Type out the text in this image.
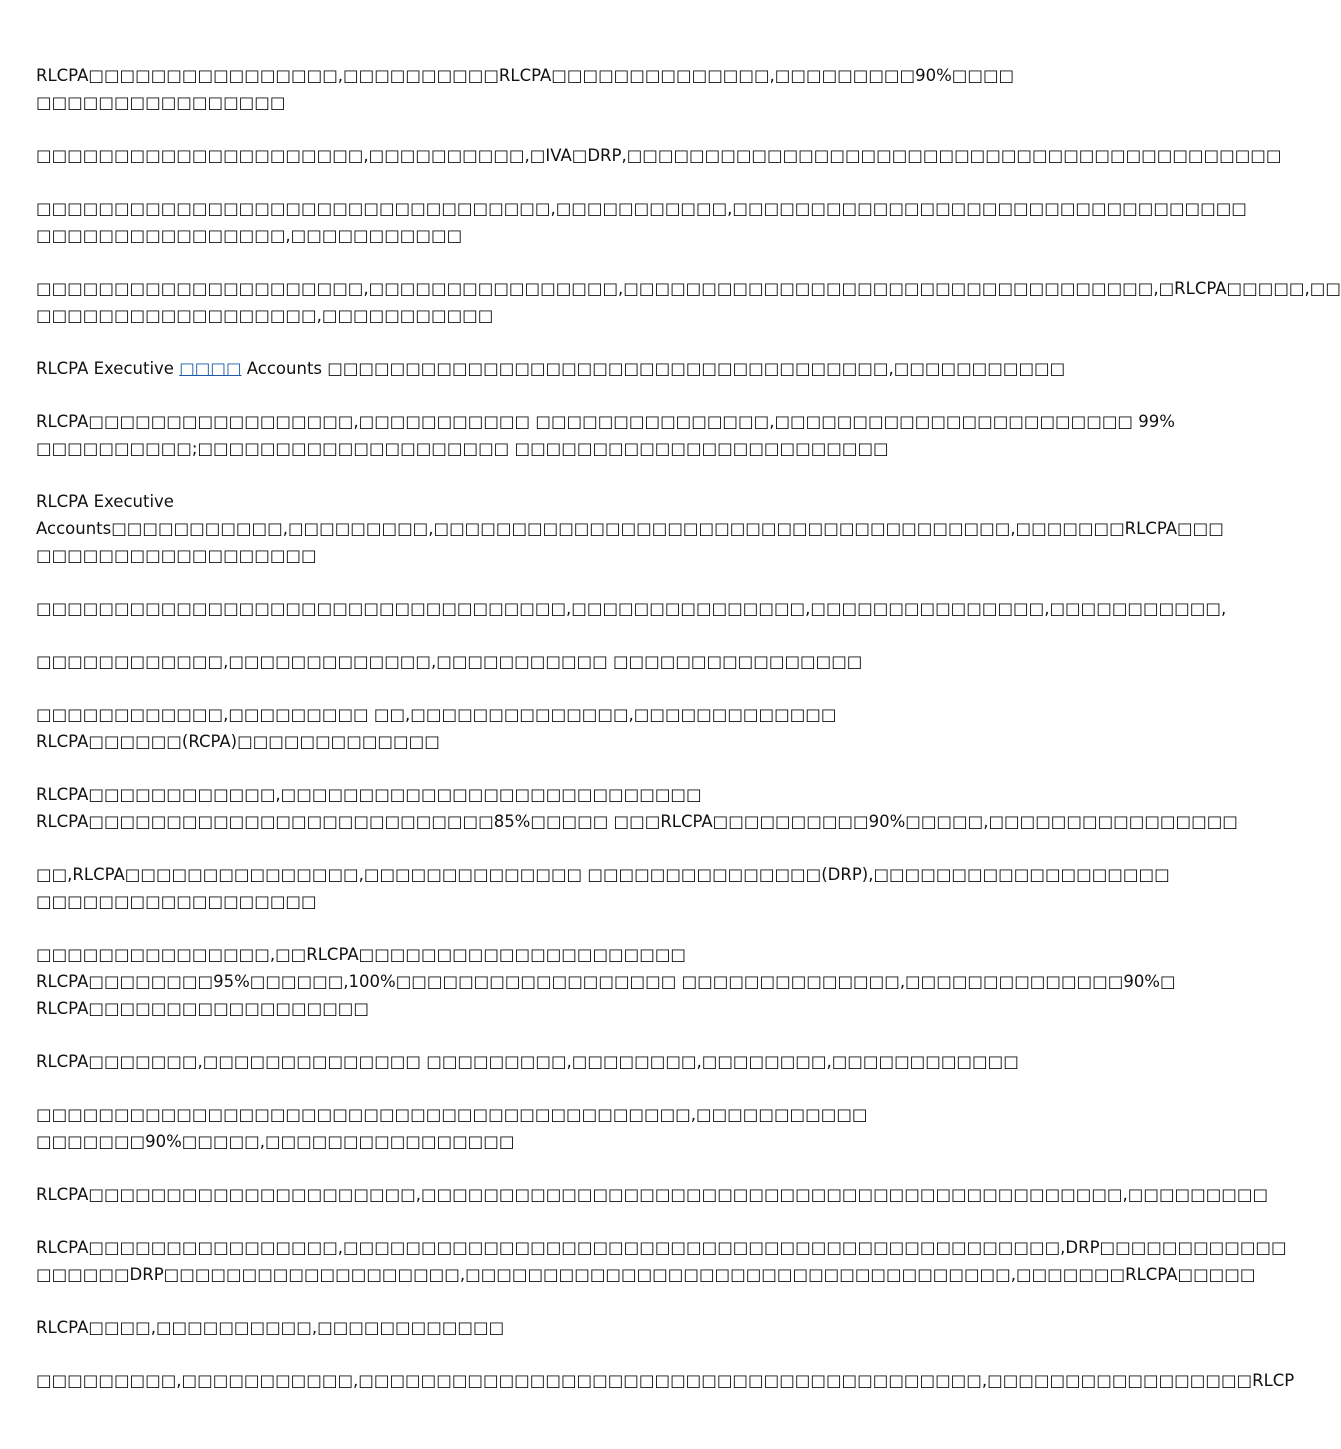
RLCPA□□□□□□□□□□□□□□□□,□□□□□□□□□□RLCPA□□□□□□□□□□□□□□,□□□□□□□□□90%□□□□
□□□□□□□□□□□□□□□□

□□□□□□□□□□□□□□□□□□□□□,□□□□□□□□□□,□IVA□DRP,□□□□□□□□□□□□□□□□□□□□□□□□□□□□□□□□□□□□□□□□□□

□□□□□□□□□□□□□□□□□□□□□□□□□□□□□□□□□,□□□□□□□□□□□,□□□□□□□□□□□□□□□□□□□□□□□□□□□□□□□□□
□□□□□□□□□□□□□□□□,□□□□□□□□□□□

□□□□□□□□□□□□□□□□□□□□□,□□□□□□□□□□□□□□□□,□□□□□□□□□□□□□□□□□□□□□□□□□□□□□□□□□□,□RLCPA□□□□□,□□
□□□□□□□□□□□□□□□□□□,□□□□□□□□□□□

RLCPA Executive □□□□ Accounts □□□□□□□□□□□□□□□□□□□□□□□□□□□□□□□□□□□□,□□□□□□□□□□□

RLCPA□□□□□□□□□□□□□□□□□,□□□□□□□□□□□ □□□□□□□□□□□□□□□,□□□□□□□□□□□□□□□□□□□□□□□ 99%
□□□□□□□□□□;□□□□□□□□□□□□□□□□□□□□ □□□□□□□□□□□□□□□□□□□□□□□□

RLCPA Executive
Accounts□□□□□□□□□□□,□□□□□□□□□,□□□□□□□□□□□□□□□□□□□□□□□□□□□□□□□□□□□□□,□□□□□□□RLCPA□□□
□□□□□□□□□□□□□□□□□□

□□□□□□□□□□□□□□□□□□□□□□□□□□□□□□□□□□,□□□□□□□□□□□□□□□,□□□□□□□□□□□□□□□,□□□□□□□□□□□,

□□□□□□□□□□□□,□□□□□□□□□□□□□,□□□□□□□□□□□ □□□□□□□□□□□□□□□□

□□□□□□□□□□□□,□□□□□□□□□ □□,□□□□□□□□□□□□□□,□□□□□□□□□□□□□
RLCPA□□□□□□(RCPA)□□□□□□□□□□□□□

RLCPA□□□□□□□□□□□□,□□□□□□□□□□□□□□□□□□□□□□□□□□□
RLCPA□□□□□□□□□□□□□□□□□□□□□□□□□□85%□□□□□ □□□RLCPA□□□□□□□□□□90%□□□□□,□□□□□□□□□□□□□□□□

□□,RLCPA□□□□□□□□□□□□□□□,□□□□□□□□□□□□□□ □□□□□□□□□□□□□□□(DRP),□□□□□□□□□□□□□□□□□□□
□□□□□□□□□□□□□□□□□□

□□□□□□□□□□□□□□□,□□RLCPA□□□□□□□□□□□□□□□□□□□□□
RLCPA□□□□□□□□95%□□□□□□,100%□□□□□□□□□□□□□□□□□□ □□□□□□□□□□□□□□,□□□□□□□□□□□□□□90%□
RLCPA□□□□□□□□□□□□□□□□□□

RLCPA□□□□□□□,□□□□□□□□□□□□□□ □□□□□□□□□,□□□□□□□□,□□□□□□□□,□□□□□□□□□□□□

□□□□□□□□□□□□□□□□□□□□□□□□□□□□□□□□□□□□□□□□□□,□□□□□□□□□□□
□□□□□□□90%□□□□□,□□□□□□□□□□□□□□□□

RLCPA□□□□□□□□□□□□□□□□□□□□□,□□□□□□□□□□□□□□□□□□□□□□□□□□□□□□□□□□□□□□□□□□□□□,□□□□□□□□□

RLCPA□□□□□□□□□□□□□□□□,□□□□□□□□□□□□□□□□□□□□□□□□□□□□□□□□□□□□□□□□□□□□□□,DRP□□□□□□□□□□□□
□□□□□□DRP□□□□□□□□□□□□□□□□□□□,□□□□□□□□□□□□□□□□□□□□□□□□□□□□□□□□□□□,□□□□□□□RLCPA□□□□□

RLCPA□□□□,□□□□□□□□□□,□□□□□□□□□□□□

□□□□□□□□□,□□□□□□□□□□□,□□□□□□□□□□□□□□□□□□□□□□□□□□□□□□□□□□□□□□□□,□□□□□□□□□□□□□□□□□RLCP
